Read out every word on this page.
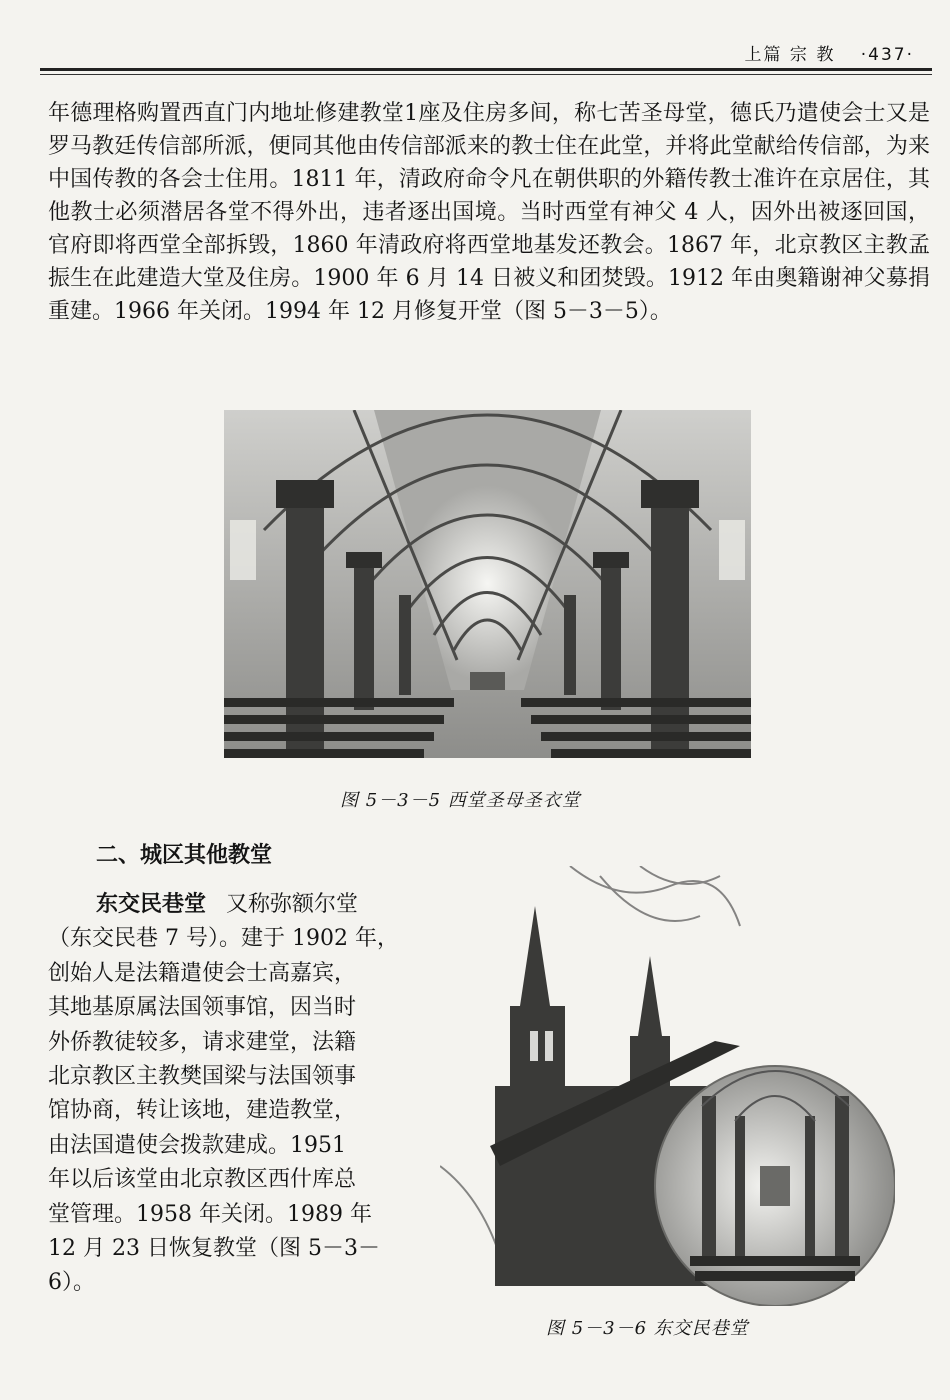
上篇 宗 教 ·437·

年德理格购置西直门内地址修建教堂1座及住房多间，称七苦圣母堂，德氏乃遣使会士又是罗马教廷传信部所派，便同其他由传信部派来的教士住在此堂，并将此堂献给传信部，为来中国传教的各会士住用。1811 年，清政府命令凡在朝供职的外籍传教士准许在京居住，其他教士必须潜居各堂不得外出，违者逐出国境。当时西堂有神父 4 人，因外出被逐回国，官府即将西堂全部拆毁，1860 年清政府将西堂地基发还教会。1867 年，北京教区主教孟振生在此建造大堂及住房。1900 年 6 月 14 日被义和团焚毁。1912 年由奥籍谢神父募捐重建。1966 年关闭。1994 年 12 月修复开堂（图 5－3－5）。

图 5－3－5 西堂圣母圣衣堂
二、城区其他教堂
东交民巷堂 又称弥额尔堂
（东交民巷 7 号）。建于 1902 年，
创始人是法籍遣使会士高嘉宾，
其地基原属法国领事馆，因当时
外侨教徒较多，请求建堂，法籍
北京教区主教樊国梁与法国领事
馆协商，转让该地，建造教堂，
由法国遣使会拨款建成。1951
年以后该堂由北京教区西什库总
堂管理。1958 年关闭。1989 年
12 月 23 日恢复教堂（图 5－3－
6）。
图 5－3－6 东交民巷堂
